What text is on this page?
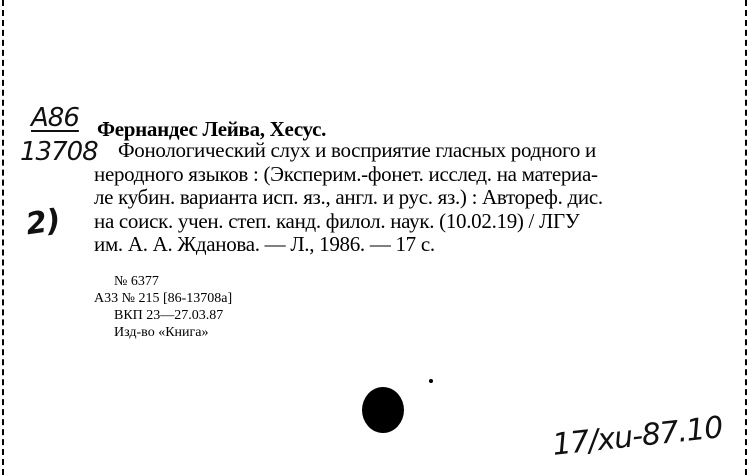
A86
13708
2)
Фернандес Лейва, Хесус.
Фонологический слух и восприятие гласных родного и
неродного языков : (Эксперим.-фонет. исслед. на материа-
ле кубин. варианта исп. яз., англ. и рус. яз.) : Автореф. дис.
на соиск. учен. степ. канд. филол. наук. (10.02.19) / ЛГУ
им. А. А. Жданова. — Л., 1986. — 17 с.
№ 6377
А33 № 215 [86-13708а]
ВКП 23—27.03.87
Изд-во «Книга»
17/xu-87.10
